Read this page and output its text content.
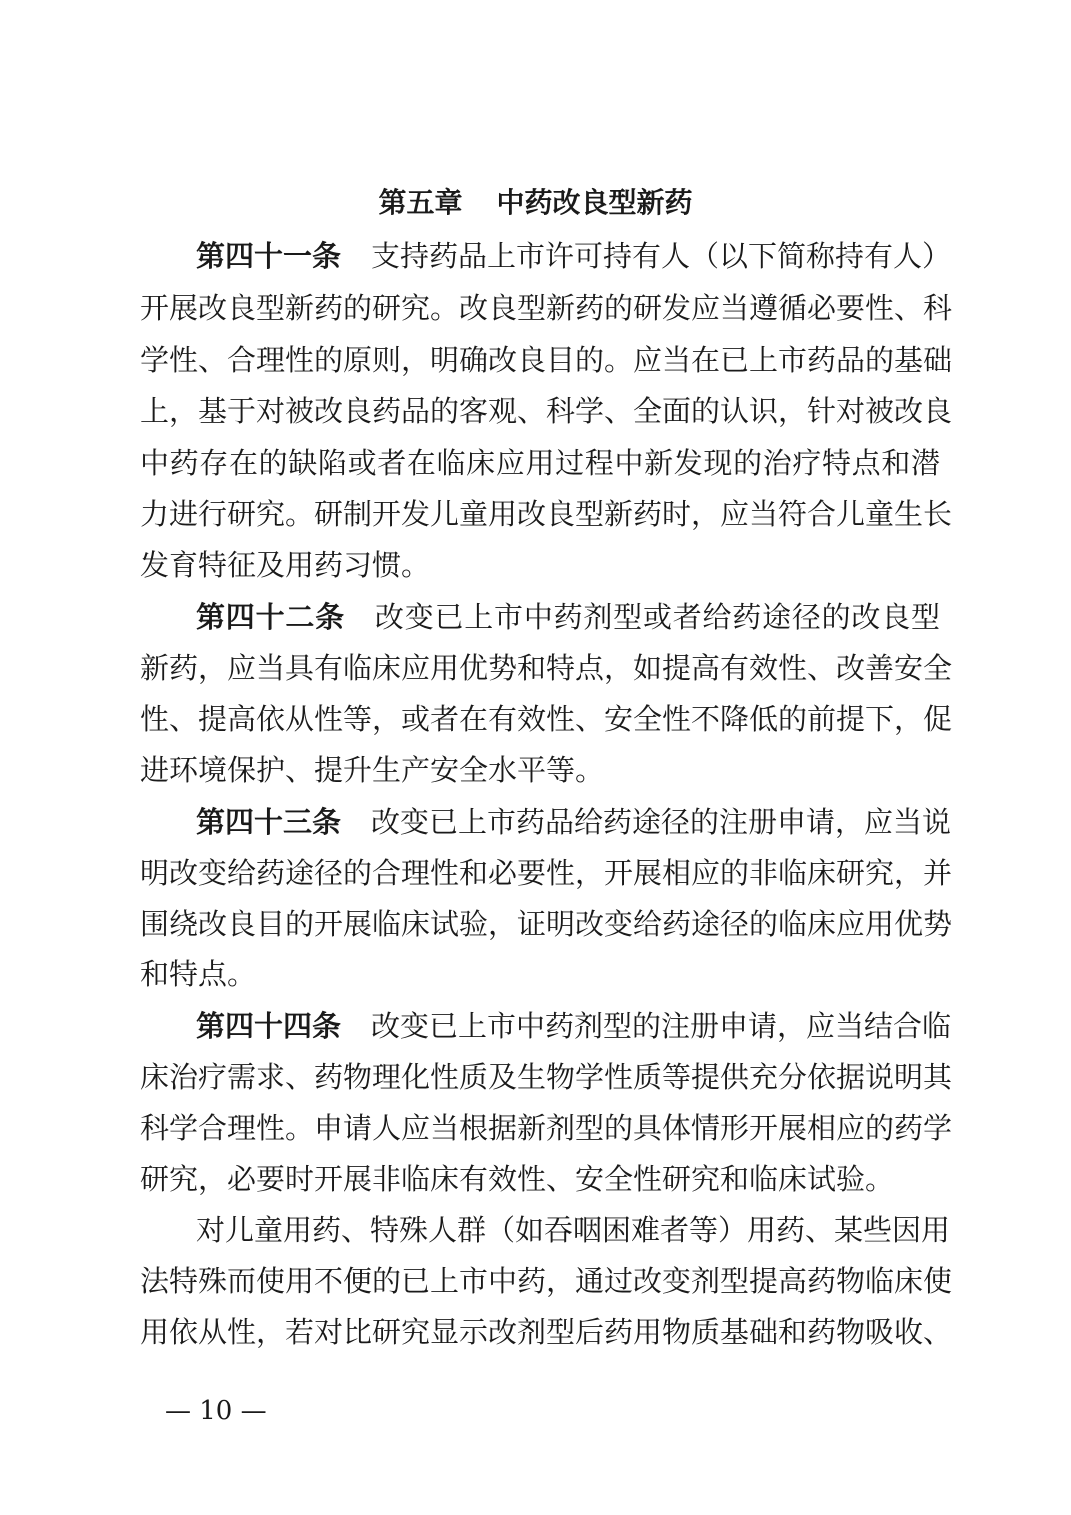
第五章 中药改良型新药
第四十一条 支持药品上市许可持有人（以下简称持有人）
开展改良型新药的研究。改良型新药的研发应当遵循必要性、科
学性、合理性的原则，明确改良目的。应当在已上市药品的基础
上，基于对被改良药品的客观、科学、全面的认识，针对被改良
中药存在的缺陷或者在临床应用过程中新发现的治疗特点和潜
力进行研究。研制开发儿童用改良型新药时，应当符合儿童生长
发育特征及用药习惯。
第四十二条 改变已上市中药剂型或者给药途径的改良型
新药，应当具有临床应用优势和特点，如提高有效性、改善安全
性、提高依从性等，或者在有效性、安全性不降低的前提下，促
进环境保护、提升生产安全水平等。
第四十三条 改变已上市药品给药途径的注册申请，应当说
明改变给药途径的合理性和必要性，开展相应的非临床研究，并
围绕改良目的开展临床试验，证明改变给药途径的临床应用优势
和特点。
第四十四条 改变已上市中药剂型的注册申请，应当结合临
床治疗需求、药物理化性质及生物学性质等提供充分依据说明其
科学合理性。申请人应当根据新剂型的具体情形开展相应的药学
研究，必要时开展非临床有效性、安全性研究和临床试验。
对儿童用药、特殊人群（如吞咽困难者等）用药、某些因用
法特殊而使用不便的已上市中药，通过改变剂型提高药物临床使
用依从性，若对比研究显示改剂型后药用物质基础和药物吸收、
— 10 —
